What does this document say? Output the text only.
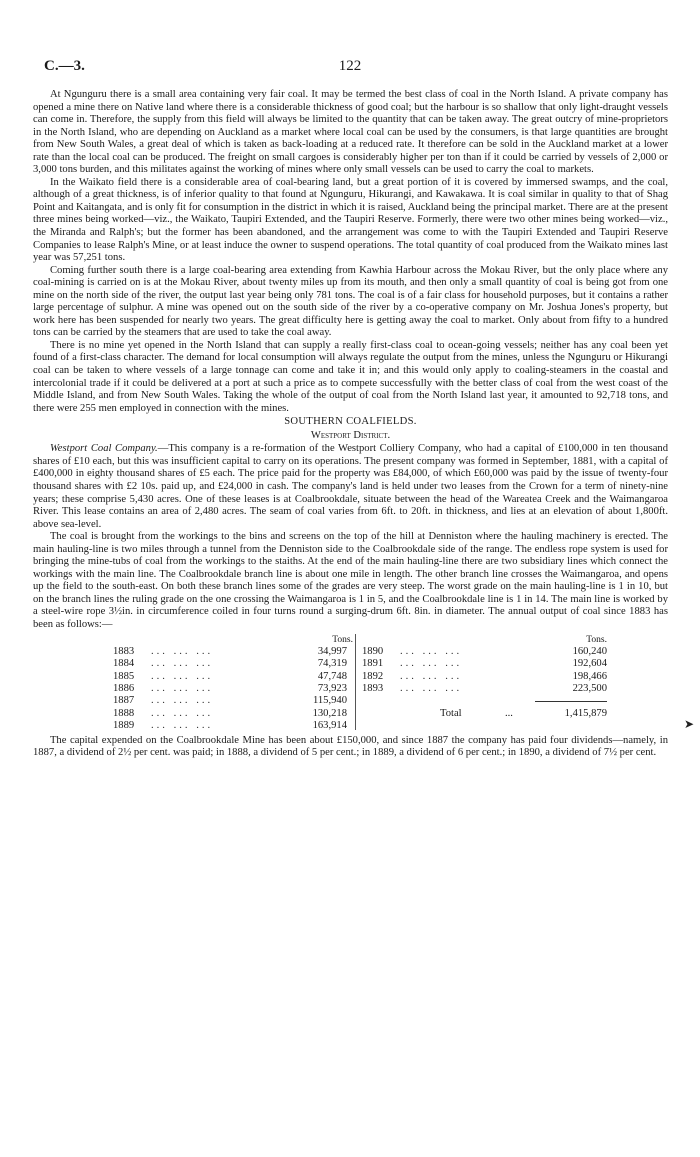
C.—3.	122

At Ngunguru there is a small area containing very fair coal. It may be termed the best class of coal in the North Island. A private company has opened a mine there on Native land where there is a considerable thickness of good coal; but the harbour is so shallow that only light-draught vessels can come in. Therefore, the supply from this field will always be limited to the quantity that can be taken away. The great outcry of mine-proprietors in the North Island, who are depending on Auckland as a market where local coal can be used by the consumers, is that large quantities are brought from New South Wales, a great deal of which is taken as back-loading at a reduced rate. It therefore can be sold in the Auckland market at a lower rate than the local coal can be produced. The freight on small cargoes is considerably higher per ton than if it could be carried by vessels of 2,000 or 3,000 tons burden, and this militates against the working of mines where only small vessels can be used to carry the coal to markets.

In the Waikato field there is a considerable area of coal-bearing land, but a great portion of it is covered by immersed swamps, and the coal, although of a great thickness, is of inferior quality to that found at Ngunguru, Hikurangi, and Kawakawa. It is coal similar in quality to that of Shag Point and Kaitangata, and is only fit for consumption in the district in which it is raised, Auckland being the principal market. There are at the present three mines being worked—viz., the Waikato, Taupiri Extended, and the Taupiri Reserve. Formerly, there were two other mines being worked—viz., the Miranda and Ralph's; but the former has been abandoned, and the arrangement was come to with the Taupiri Extended and Taupiri Reserve Companies to lease Ralph's Mine, or at least induce the owner to suspend operations. The total quantity of coal produced from the Waikato mines last year was 57,251 tons.

Coming further south there is a large coal-bearing area extending from Kawhia Harbour across the Mokau River, but the only place where any coal-mining is carried on is at the Mokau River, about twenty miles up from its mouth, and then only a small quantity of coal is being got from one mine on the north side of the river, the output last year being only 781 tons. The coal is of a fair class for household purposes, but it contains a rather large percentage of sulphur. A mine was opened out on the south side of the river by a co-operative company on Mr. Joshua Jones's property, but work here has been suspended for nearly two years. The great difficulty here is getting away the coal to market. Only about from fifty to a hundred tons can be carried by the steamers that are used to take the coal away.

There is no mine yet opened in the North Island that can supply a really first-class coal to ocean-going vessels; neither has any coal been yet found of a first-class character. The demand for local consumption will always regulate the output from the mines, unless the Ngunguru or Hikurangi coal can be taken to where vessels of a large tonnage can come and take it in; and this would only apply to coaling-steamers in the coastal and intercolonial trade if it could be delivered at a port at such a price as to compete successfully with the better class of coal from the west coast of the Middle Island, and from New South Wales. Taking the whole of the output of coal from the North Island last year, it amounted to 92,718 tons, and there were 255 men employed in connection with the mines.

SOUTHERN COALFIELDS.
Westport District.

Westport Coal Company.—This company is a re-formation of the Westport Colliery Company, who had a capital of £100,000 in ten thousand shares of £10 each, but this was insufficient capital to carry on its operations. The present company was formed in September, 1881, with a capital of £400,000 in eighty thousand shares of £5 each. The price paid for the property was £84,000, of which £60,000 was paid by the issue of twenty-four thousand shares with £2 10s. paid up, and £24,000 in cash. The company's land is held under two leases from the Crown for a term of ninety-nine years; these comprise 5,430 acres. One of these leases is at Coalbrookdale, situate between the head of the Wareatea Creek and the Waimangaroa River. This lease contains an area of 2,480 acres. The seam of coal varies from 6ft. to 20ft. in thickness, and lies at an elevation of about 1,800ft. above sea-level.

The coal is brought from the workings to the bins and screens on the top of the hill at Denniston where the hauling machinery is erected. The main hauling-line is two miles through a tunnel from the Denniston side to the Coalbrookdale side of the range. The endless rope system is used for bringing the mine-tubs of coal from the workings to the staiths. At the end of the main hauling-line there are two subsidiary lines which connect the workings with the main line. The Coalbrookdale branch line is about one mile in length. The other branch line crosses the Waimangaroa, and opens up the field to the south-east. On both these branch lines some of the grades are very steep. The worst grade on the main hauling-line is 1 in 10, but on the branch lines the ruling grade on the one crossing the Waimangaroa is 1 in 5, and the Coalbrookdale line is 1 in 14. The main line is worked by a steel-wire rope 3½in. in circumference coiled in four turns round a surging-drum 6ft. 8in. in diameter. The annual output of coal since 1883 has been as follows:—

Tons.
1883 ... ... ...	34,997
1884 ... ... ...	74,319
1885 ... ... ...	47,748
1886 ... ... ...	73,923
1887 ... ... ...	115,940
1888 ... ... ...	130,218
1889 ... ... ...	163,914
Tons.
1890 ... ... ...	160,240
1891 ... ... ...	192,604
1892 ... ... ...	198,466
1893 ... ... ...	223,500
Total	...	1,415,879

The capital expended on the Coalbrookdale Mine has been about £150,000, and since 1887 the company has paid four dividends—namely, in 1887, a dividend of 2½ per cent. was paid; in 1888, a dividend of 5 per cent.; in 1889, a dividend of 6 per cent.; in 1890, a dividend of 7½ per cent.

➤
